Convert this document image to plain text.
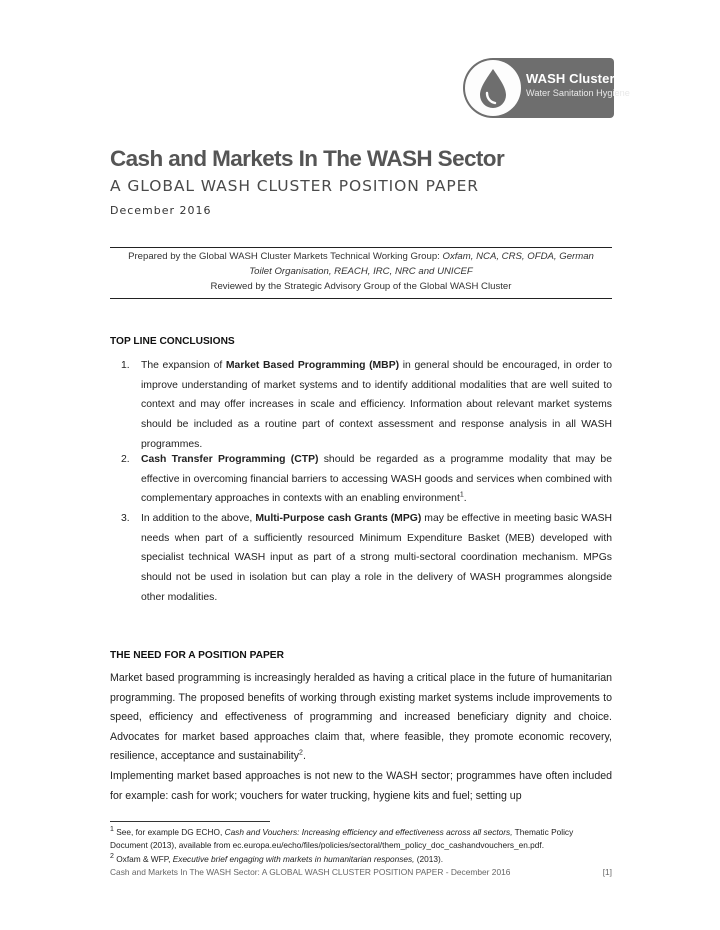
WASH Cluster
Water Sanitation Hygiene
Cash and Markets In The WASH Sector
A GLOBAL WASH CLUSTER POSITION PAPER
December 2016
Prepared by the Global WASH Cluster Markets Technical Working Group: Oxfam, NCA, CRS, OFDA, German
Toilet Organisation, REACH, IRC, NRC and UNICEF
Reviewed by the Strategic Advisory Group of the Global WASH Cluster
TOP LINE CONCLUSIONS
1. The expansion of Market Based Programming (MBP) in general should be encouraged, in order to improve understanding of market systems and to identify additional modalities that are well suited to context and may offer increases in scale and efficiency. Information about relevant market systems should be included as a routine part of context assessment and response analysis in all WASH programmes.
2. Cash Transfer Programming (CTP) should be regarded as a programme modality that may be effective in overcoming financial barriers to accessing WASH goods and services when combined with complementary approaches in contexts with an enabling environment$^1$.
3. In addition to the above, Multi-Purpose cash Grants (MPG) may be effective in meeting basic WASH needs when part of a sufficiently resourced Minimum Expenditure Basket (MEB) developed with specialist technical WASH input as part of a strong multi-sectoral coordination mechanism. MPGs should not be used in isolation but can play a role in the delivery of WASH programmes alongside other modalities.
THE NEED FOR A POSITION PAPER
Market based programming is increasingly heralded as having a critical place in the future of humanitarian programming. The proposed benefits of working through existing market systems include improvements to speed, efficiency and effectiveness of programming and increased beneficiary dignity and choice. Advocates for market based approaches claim that, where feasible, they promote economic recovery, resilience, acceptance and sustainability$^2$.
Implementing market based approaches is not new to the WASH sector; programmes have often included for example: cash for work; vouchers for water trucking, hygiene kits and fuel; setting up
$^1$ See, for example DG ECHO, Cash and Vouchers: Increasing efficiency and effectiveness across all sectors, Thematic Policy Document (2013), available from ec.europa.eu/echo/files/policies/sectoral/them_policy_doc_cashandvouchers_en.pdf.
$^2$ Oxfam & WFP, Executive brief engaging with markets in humanitarian responses, (2013).
Cash and Markets In The WASH Sector: A GLOBAL WASH CLUSTER POSITION PAPER - December 2016	[1]
